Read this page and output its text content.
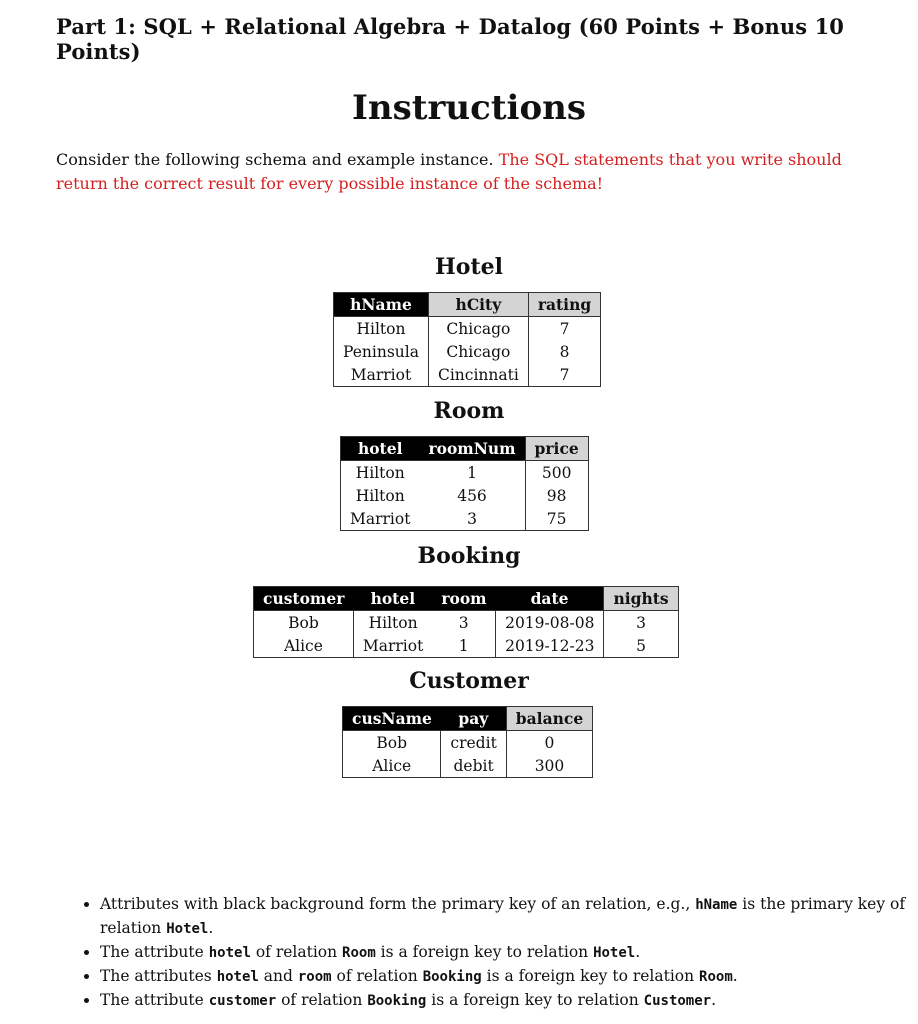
Part 1: SQL + Relational Algebra + Datalog (60 Points + Bonus 10 Points)
Instructions
Consider the following schema and example instance. The SQL statements that you write should return the correct result for every possible instance of the schema!
Hotel
hName	hCity	rating
Hilton	Chicago	7
Peninsula	Chicago	8
Marriot	Cincinnati	7
Room
hotel	roomNum	price
Hilton	1	500
Hilton	456	98
Marriot	3	75
Booking
customer	hotel	room	date	nights
Bob	Hilton	3	2019-08-08	3
Alice	Marriot	1	2019-12-23	5
Customer
cusName	pay	balance
Bob	credit	0
Alice	debit	300
• Attributes with black background form the primary key of an relation, e.g., hName is the primary key of relation Hotel.
• The attribute hotel of relation Room is a foreign key to relation Hotel.
• The attributes hotel and room of relation Booking is a foreign key to relation Room.
• The attribute customer of relation Booking is a foreign key to relation Customer.
